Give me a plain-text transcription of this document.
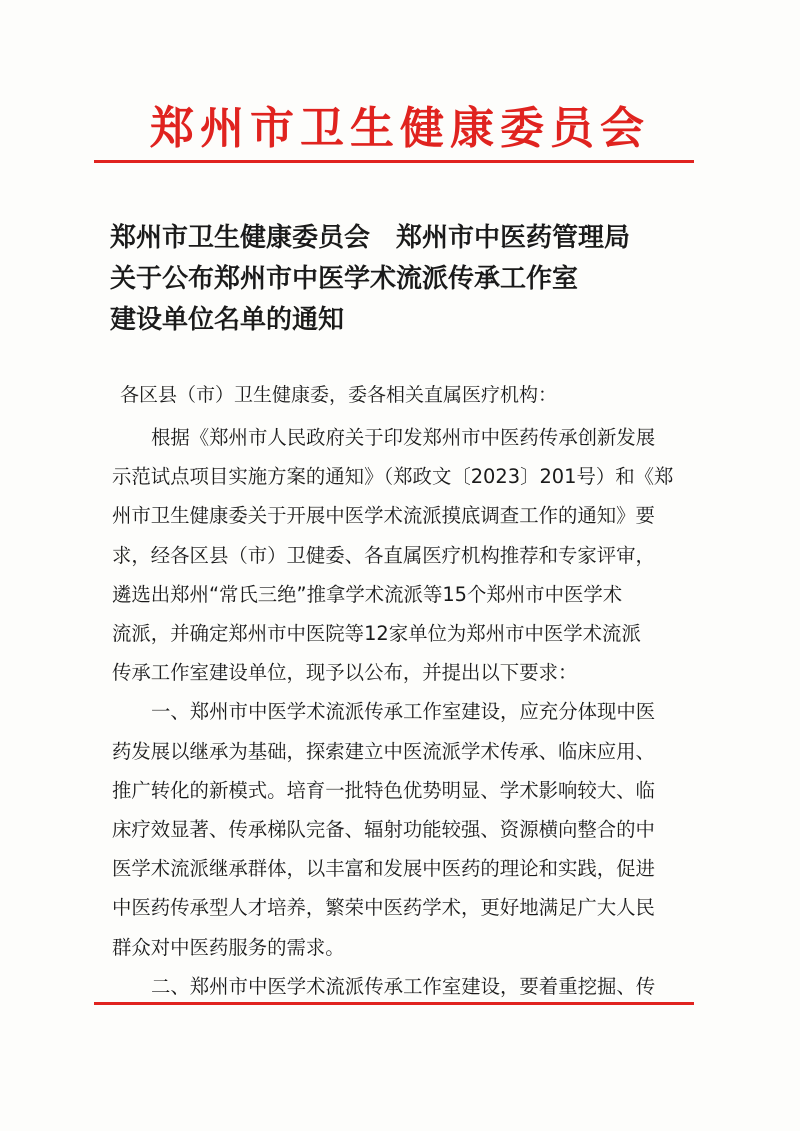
郑州市卫生健康委员会
郑州市卫生健康委员会　郑州市中医药管理局
关于公布郑州市中医学术流派传承工作室
建设单位名单的通知
各区县（市）卫生健康委，委各相关直属医疗机构：
根据《郑州市人民政府关于印发郑州市中医药传承创新发展
示范试点项目实施方案的通知》（郑政文〔2023〕201号）和《郑
州市卫生健康委关于开展中医学术流派摸底调查工作的通知》要
求，经各区县（市）卫健委、各直属医疗机构推荐和专家评审，
遴选出郑州“常氏三绝”推拿学术流派等15个郑州市中医学术
流派，并确定郑州市中医院等12家单位为郑州市中医学术流派
传承工作室建设单位，现予以公布，并提出以下要求：
一、郑州市中医学术流派传承工作室建设，应充分体现中医
药发展以继承为基础，探索建立中医流派学术传承、临床应用、
推广转化的新模式。培育一批特色优势明显、学术影响较大、临
床疗效显著、传承梯队完备、辐射功能较强、资源横向整合的中
医学术流派继承群体，以丰富和发展中医药的理论和实践，促进
中医药传承型人才培养，繁荣中医药学术，更好地满足广大人民
群众对中医药服务的需求。
二、郑州市中医学术流派传承工作室建设，要着重挖掘、传
